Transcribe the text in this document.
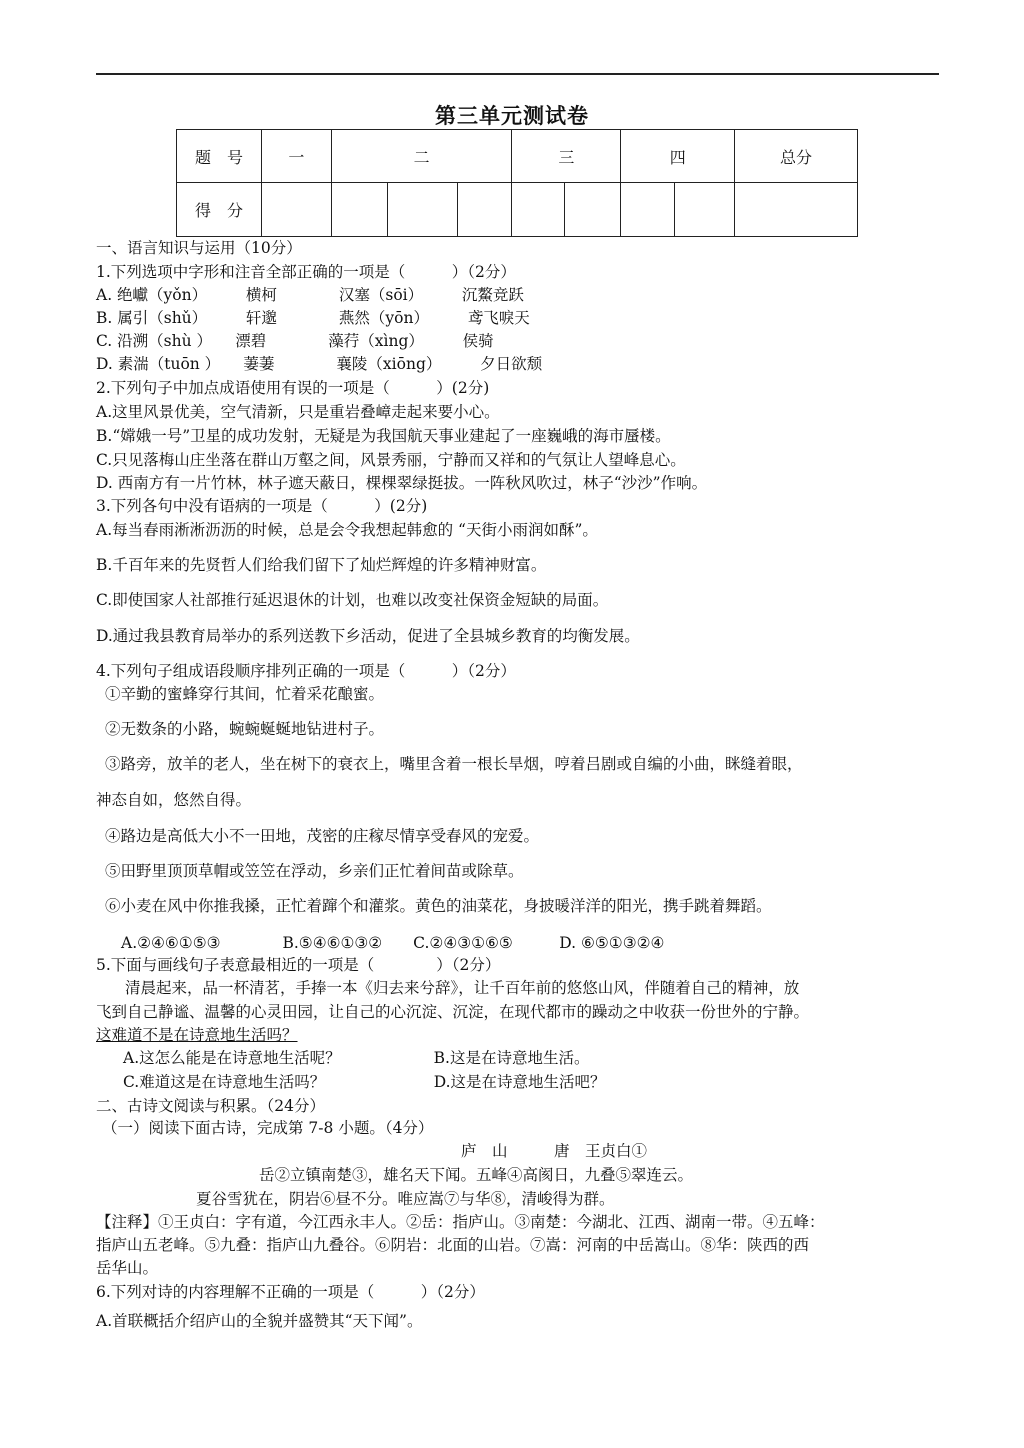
第三单元测试卷
题　号	一	二			三		四		总分
得　分									
一、语言知识与运用（10分）
1.下列选项中字形和注音全部正确的一项是（　　　）（2分）
A. 绝巘（yǒn）　　　横柯　　　　汉塞（sōi）　　　沉鰲竞跃
B. 属引（shǔ）　　　轩邈　　　　燕然（yōn）　　　鸢飞唳天
C. 沿溯（shù ）　　漂碧　　　　藻荇（xìng）　　　侯骑
D. 素湍（tuōn ）　　萋萋　　　　襄陵（xiōng）　　　夕日欲颓
2.下列句子中加点成语使用有误的一项是（　　　）(2分)
A.这里风景优美，空气清新，只是重岩叠嶂走起来要小心。
B.“嫦娥一号”卫星的成功发射，无疑是为我国航天事业建起了一座巍峨的海市蜃楼。
C.只见落梅山庄坐落在群山万壑之间，风景秀丽，宁静而又祥和的气氛让人望峰息心。
D. 西南方有一片竹林，林子遮天蔽日，棵棵翠绿挺拔。一阵秋风吹过，林子“沙沙”作响。
3.下列各句中没有语病的一项是（　　　）(2分)
A.每当春雨淅淅沥沥的时候，总是会令我想起韩愈的 “天街小雨润如酥”。
B.千百年来的先贤哲人们给我们留下了灿烂辉煌的许多精神财富。
C.即使国家人社部推行延迟退休的计划，也难以改变社保资金短缺的局面。
D.通过我县教育局举办的系列送教下乡活动，促进了全县城乡教育的均衡发展。
4.下列句子组成语段顺序排列正确的一项是（　　　）（2分）
①辛勤的蜜蜂穿行其间，忙着采花酿蜜。
②无数条的小路，蜿蜿蜒蜒地钻进村子。
③路旁，放羊的老人，坐在树下的衰衣上，嘴里含着一根长旱烟，哼着吕剧或自编的小曲，眯缝着眼，
神态自如，悠然自得。
④路边是高低大小不一田地，茂密的庄稼尽情享受春风的宠爱。
⑤田野里顶顶草帽或笠笠在浮动，乡亲们正忙着间苗或除草。
⑥小麦在风中你推我搡，正忙着蹿个和灌浆。黄色的油菜花，身披暖洋洋的阳光，携手跳着舞蹈。
A.②④⑥①⑤③　　　　B.⑤④⑥①③②　　C.②④③①⑥⑤　　　D. ⑥⑤①③②④
5.下面与画线句子表意最相近的一项是（　　　　）（2分）
清晨起来，品一杯清茗，手捧一本《归去来兮辞》，让千百年前的悠悠山风，伴随着自己的精神，放
飞到自己静谧、温馨的心灵田园，让自己的心沉淀、沉淀，在现代都市的躁动之中收获一份世外的宁静。
这难道不是在诗意地生活吗？
A.这怎么能是在诗意地生活呢？　　　　　　B.这是在诗意地生活。
C.难道这是在诗意地生活吗？　　　　　　　D.这是在诗意地生活吧？
二、古诗文阅读与积累。（24分）
（一）阅读下面古诗，完成第 7-8 小题。（4分）
庐　山　　　唐　王贞白①
岳②立镇南楚③，雄名天下闻。五峰④高阂日，九叠⑤翠连云。
夏谷雪犹在，阴岩⑥昼不分。唯应嵩⑦与华⑧，清峻得为群。
【注释】①王贞白：字有道，今江西永丰人。②岳：指庐山。③南楚：今湖北、江西、湖南一带。④五峰：
指庐山五老峰。⑤九叠：指庐山九叠谷。⑥阴岩：北面的山岩。⑦嵩：河南的中岳嵩山。⑧华：陕西的西
岳华山。
6.下列对诗的内容理解不正确的一项是（　　　）（2分）
A.首联概括介绍庐山的全貌并盛赞其“天下闻”。
